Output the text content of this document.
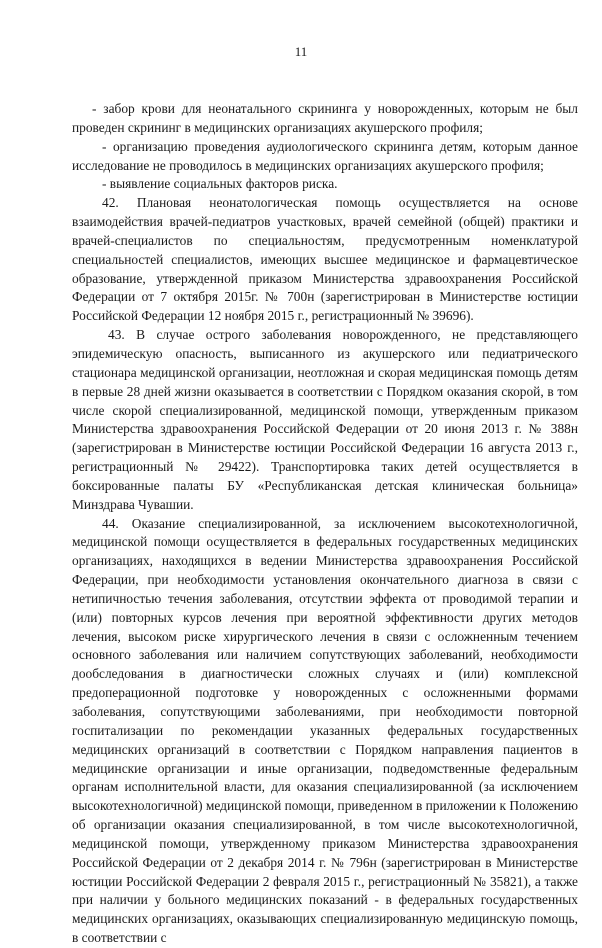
11

- забор крови для неонатального скрининга у новорожденных, которым не был проведен скрининг в медицинских организациях акушерского профиля;

- организацию проведения аудиологического скрининга детям, которым данное исследование не проводилось в медицинских организациях акушерского профиля;

- выявление социальных факторов риска.

42. Плановая неонатологическая помощь осуществляется на основе взаимодействия врачей-педиатров участковых, врачей семейной (общей) практики и врачей-специалистов по специальностям, предусмотренным номенклатурой специальностей специалистов, имеющих высшее медицинское и фармацевтическое образование, утвержденной приказом Министерства здравоохранения Российской Федерации от 7 октября 2015г. № 700н (зарегистрирован в Министерстве юстиции Российской Федерации 12 ноября 2015 г., регистрационный № 39696).

43. В случае острого заболевания новорожденного, не представляющего эпидемическую опасность, выписанного из акушерского или педиатрического стационара медицинской организации, неотложная и скорая медицинская помощь детям в первые 28 дней жизни оказывается в соответствии с Порядком оказания скорой, в том числе скорой специализированной, медицинской помощи, утвержденным приказом Министерства здравоохранения Российской Федерации от 20 июня 2013 г. № 388н (зарегистрирован в Министерстве юстиции Российской Федерации 16 августа 2013 г., регистрационный № 29422). Транспортировка таких детей осуществляется в боксированные палаты БУ «Республиканская детская клиническая больница» Минздрава Чувашии.

44. Оказание специализированной, за исключением высокотехнологичной, медицинской помощи осуществляется в федеральных государственных медицинских организациях, находящихся в ведении Министерства здравоохранения Российской Федерации, при необходимости установления окончательного диагноза в связи с нетипичностью течения заболевания, отсутствии эффекта от проводимой терапии и (или) повторных курсов лечения при вероятной эффективности других методов лечения, высоком риске хирургического лечения в связи с осложненным течением основного заболевания или наличием сопутствующих заболеваний, необходимости дообследования в диагностически сложных случаях и (или) комплексной предоперационной подготовке у новорожденных с осложненными формами заболевания, сопутствующими заболеваниями, при необходимости повторной госпитализации по рекомендации указанных федеральных государственных медицинских организаций в соответствии с Порядком направления пациентов в медицинские организации и иные организации, подведомственные федеральным органам исполнительной власти, для оказания специализированной (за исключением высокотехнологичной) медицинской помощи, приведенном в приложении к Положению об организации оказания специализированной, в том числе высокотехнологичной, медицинской помощи, утвержденному приказом Министерства здравоохранения Российской Федерации от 2 декабря 2014 г. № 796н (зарегистрирован в Министерстве юстиции Российской Федерации 2 февраля 2015 г., регистрационный № 35821), а также при наличии у больного медицинских показаний - в федеральных государственных медицинских организациях, оказывающих специализированную медицинскую помощь, в соответствии с
